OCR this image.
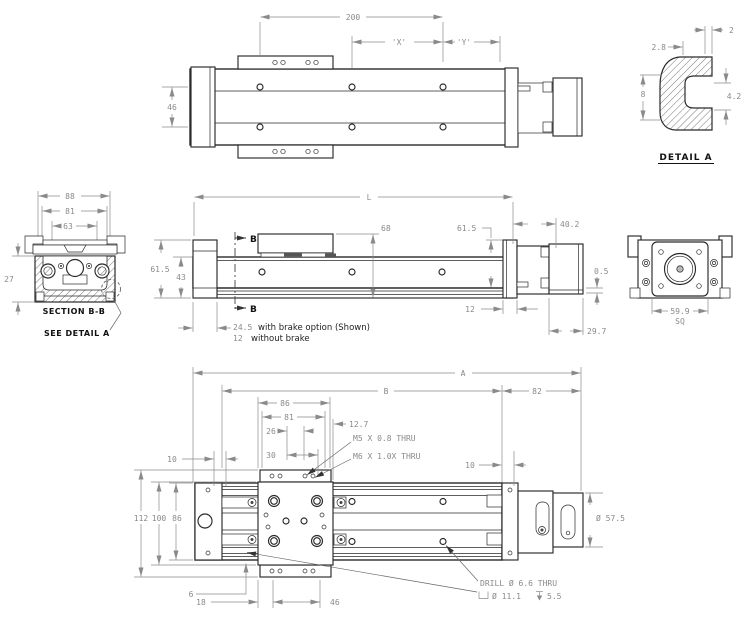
200
'X'	'Y'
46
2
2.8
8	4.2
DETAIL A
88
81
63
27
SECTION B-B
SEE DETAIL A
B
B
L
40.2
61.5
43
68	61.5
0.5
12
29.7
24.5 with brake option (Shown)
12 without brake
59.9
SQ
A
B	82
86
81
26
30
12.7
M5 X 0.8 THRU
M6 X 1.0X THRU
10
10
112 100 86
6
18	46
Ø 57.5
DRILL Ø 6.6 THRU
Ø 11.1	5.5
